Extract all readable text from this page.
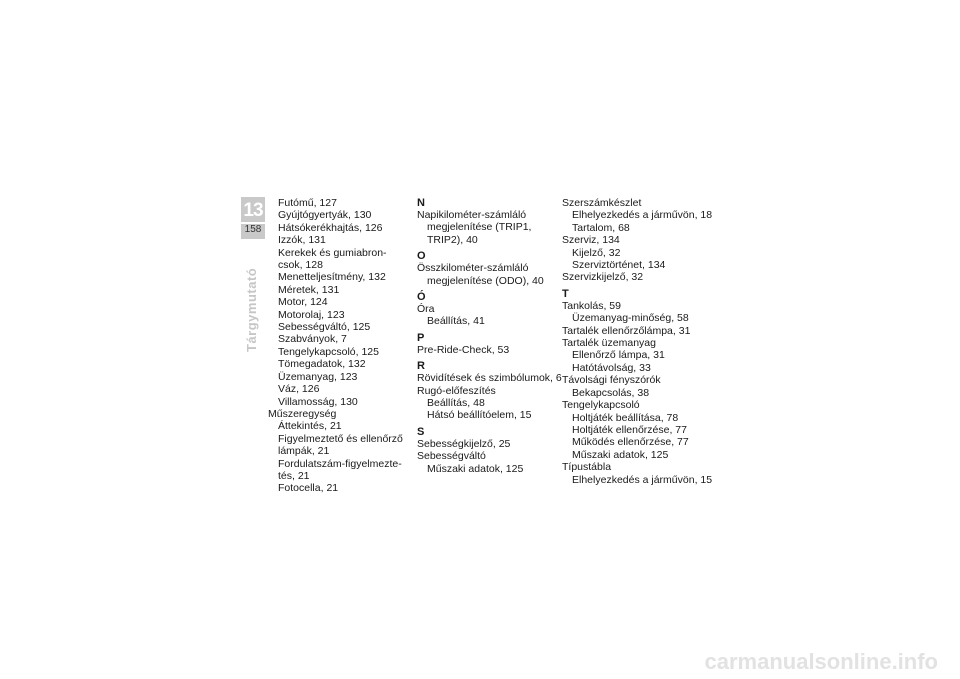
13
158
Tárgymutató
Futómű, 127
Gyújtógyertyák, 130
Hátsókerékhajtás, 126
Izzók, 131
Kerekek és gumiabron-
csok, 128
Menetteljesítmény, 132
Méretek, 131
Motor, 124
Motorolaj, 123
Sebességváltó, 125
Szabványok, 7
Tengelykapcsoló, 125
Tömegadatok, 132
Üzemanyag, 123
Váz, 126
Villamosság, 130
Műszeregység
Áttekintés, 21
Figyelmeztető és ellenőrző
lámpák, 21
Fordulatszám-figyelmezte-
tés, 21
Fotocella, 21
N
Napikilométer-számláló
megjelenítése (TRIP1,
TRIP2), 40
O
Összkilométer-számláló
megjelenítése (ODO), 40
Ó
Óra
Beállítás, 41
P
Pre-Ride-Check, 53
R
Rövidítések és szimbólumok, 6
Rugó-előfeszítés
Beállítás, 48
Hátsó beállítóelem, 15
S
Sebességkijelző, 25
Sebességváltó
Műszaki adatok, 125
Szerszámkészlet
Elhelyezkedés a járművön, 18
Tartalom, 68
Szerviz, 134
Kijelző, 32
Szerviztörténet, 134
Szervizkijelző, 32
T
Tankolás, 59
Üzemanyag-minőség, 58
Tartalék ellenőrzőlámpa, 31
Tartalék üzemanyag
Ellenőrző lámpa, 31
Hatótávolság, 33
Távolsági fényszórók
Bekapcsolás, 38
Tengelykapcsoló
Holtjáték beállítása, 78
Holtjáték ellenőrzése, 77
Működés ellenőrzése, 77
Műszaki adatok, 125
Típustábla
Elhelyezkedés a járművön, 15
carmanualsonline.info
